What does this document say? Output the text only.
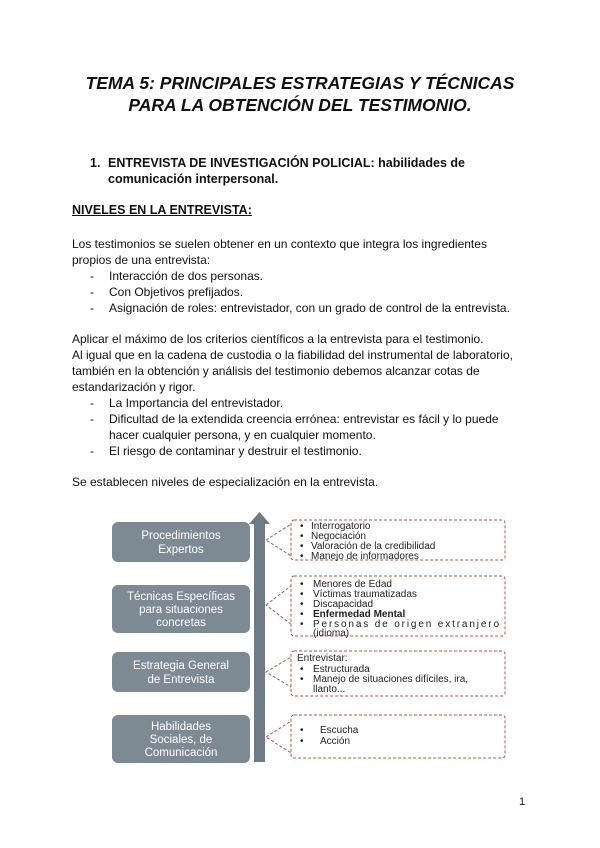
TEMA 5: PRINCIPALES ESTRATEGIAS Y TÉCNICAS
PARA LA OBTENCIÓN DEL TESTIMONIO.
1. ENTREVISTA DE INVESTIGACIÓN POLICIAL: habilidades de
comunicación interpersonal.
NIVELES EN LA ENTREVISTA:
Los testimonios se suelen obtener en un contexto que integra los ingredientes
propios de una entrevista:
- Interacción de dos personas.
- Con Objetivos prefijados.
- Asignación de roles: entrevistador, con un grado de control de la entrevista.
Aplicar el máximo de los criterios científicos a la entrevista para el testimonio.
Al igual que en la cadena de custodia o la fiabilidad del instrumental de laboratorio,
también en la obtención y análisis del testimonio debemos alcanzar cotas de
estandarización y rigor.
- La Importancia del entrevistador.
- Dificultad de la extendida creencia errónea: entrevistar es fácil y lo puede
hacer cualquier persona, y en cualquier momento.
- El riesgo de contaminar y destruir el testimonio.
Se establecen niveles de especialización en la entrevista.
Procedimientos
Expertos
• Interrogatorio
• Negociación
• Valoración de la credibilidad
• Manejo de informadores
Técnicas Específicas
para situaciones
concretas
• Menores de Edad
• Víctimas traumatizadas
• Discapacidad
• Enfermedad Mental
• Personas de origen extranjero
(idioma)
Estrategia General
de Entrevista
Entrevistar:
• Estructurada
• Manejo de situaciones difíciles, ira,
llanto...
Habilidades
Sociales, de
Comunicación
• Escucha
• Acción
1
